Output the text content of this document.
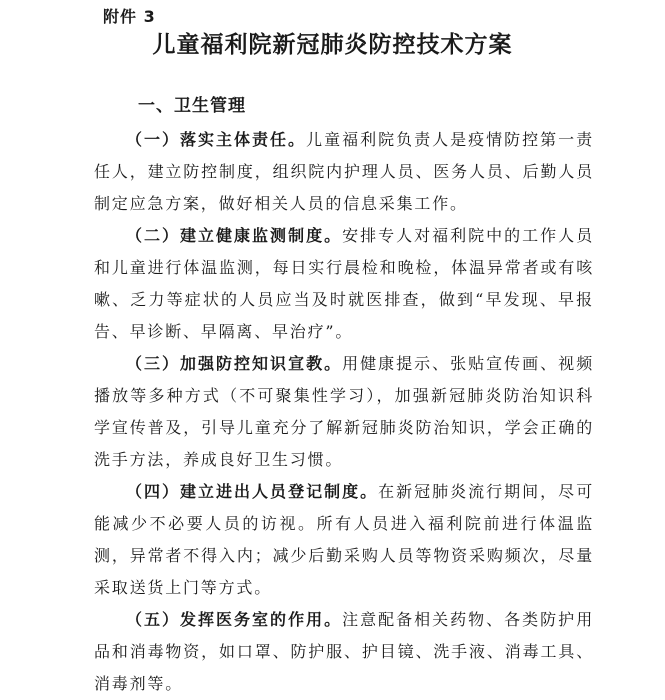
附件 3
儿童福利院新冠肺炎防控技术方案
一、卫生管理

（一）落实主体责任。儿童福利院负责人是疫情防控第一责任人，建立防控制度，组织院内护理人员、医务人员、后勤人员制定应急方案，做好相关人员的信息采集工作。

（二）建立健康监测制度。安排专人对福利院中的工作人员和儿童进行体温监测，每日实行晨检和晚检，体温异常者或有咳嗽、乏力等症状的人员应当及时就医排查，做到“早发现、早报告、早诊断、早隔离、早治疗”。

（三）加强防控知识宣教。用健康提示、张贴宣传画、视频播放等多种方式（不可聚集性学习），加强新冠肺炎防治知识科学宣传普及，引导儿童充分了解新冠肺炎防治知识，学会正确的洗手方法，养成良好卫生习惯。

（四）建立进出人员登记制度。在新冠肺炎流行期间，尽可能减少不必要人员的访视。所有人员进入福利院前进行体温监测，异常者不得入内；减少后勤采购人员等物资采购频次，尽量采取送货上门等方式。

（五）发挥医务室的作用。注意配备相关药物、各类防护用品和消毒物资，如口罩、防护服、护目镜、洗手液、消毒工具、消毒剂等。
